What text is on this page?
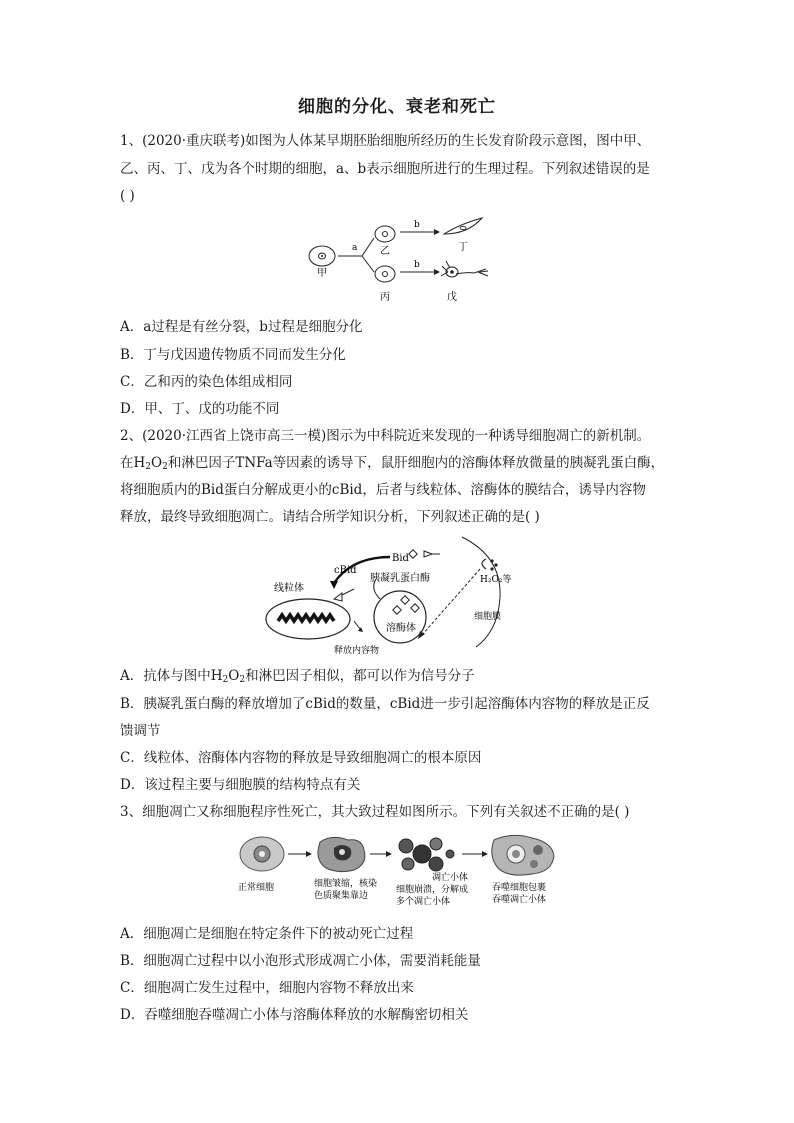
细胞的分化、衰老和死亡
1、(2020·重庆联考)如图为人体某早期胚胎细胞所经历的生长发育阶段示意图，图中甲、
乙、丙、丁、戊为各个时期的细胞，a、b表示细胞所进行的生理过程。下列叙述错误的是
( )
甲
a 乙
丙
b
b
丁
戊
A．a过程是有丝分裂，b过程是细胞分化
B．丁与戊因遗传物质不同而发生分化
C．乙和丙的染色体组成相同
D．甲、丁、戊的功能不同
2、(2020·江西省上饶市高三一模)图示为中科院近来发现的一种诱导细胞凋亡的新机制。
在$H_2O_2$和淋巴因子TNFa等因素的诱导下，鼠肝细胞内的溶酶体释放微量的胰凝乳蛋白酶，
将细胞质内的Bid蛋白分解成更小的cBid，后者与线粒体、溶酶体的膜结合，诱导内容物
释放，最终导致细胞凋亡。请结合所学知识分析，下列叙述正确的是( )
细胞膜
H₂O₂等
Bid
胰凝乳蛋白酶
cBid
线粒体
溶酶体
释放内容物
A．抗体与图中$H_2O_2$和淋巴因子相似，都可以作为信号分子
B．胰凝乳蛋白酶的释放增加了cBid的数量，cBid进一步引起溶酶体内容物的释放是正反
馈调节
C．线粒体、溶酶体内容物的释放是导致细胞凋亡的根本原因
D．该过程主要与细胞膜的结构特点有关
3、细胞凋亡又称细胞程序性死亡，其大致过程如图所示。下列有关叙述不正确的是( )
正常细胞	细胞皱缩，核染
色质聚集靠边
凋亡小体
细胞崩溃，分解成
多个凋亡小体
吞噬细胞包裹
吞噬凋亡小体
A．细胞凋亡是细胞在特定条件下的被动死亡过程
B．细胞凋亡过程中以小泡形式形成凋亡小体，需要消耗能量
C．细胞凋亡发生过程中，细胞内容物不释放出来
D．吞噬细胞吞噬凋亡小体与溶酶体释放的水解酶密切相关
